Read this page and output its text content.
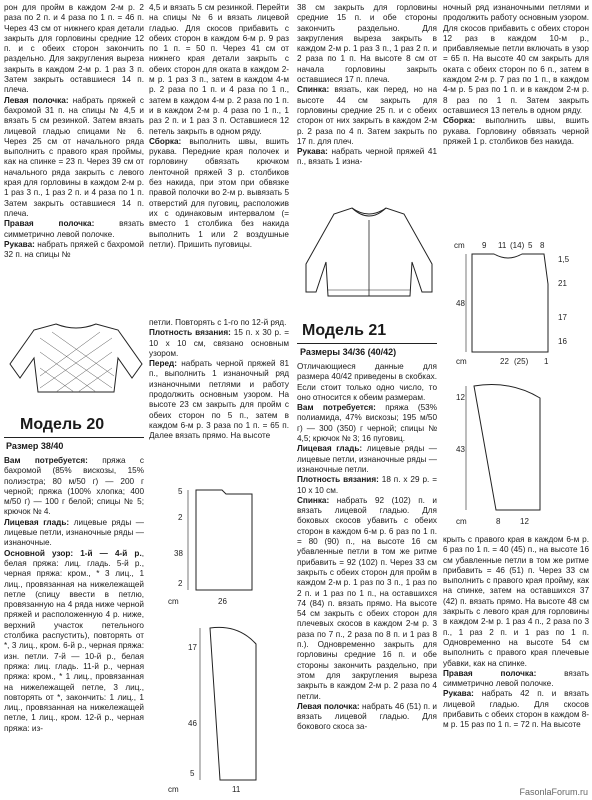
рон для пройм в каждом 2-м р. 2 раза по 2 п. и 4 раза по 1 п. = 46 п. Через 43 см от нижнего края детали закрыть для горловины средние 12 п. и с обеих сторон закончить раздельно. Для закругления выреза закрыть в каждом 2-м р. 1 раз 3 п. Затем закрыть оставшиеся 14 п. плеча.

Левая полочка: набрать пряжей с бахромой 31 п. на спицы № 4,5 и вязать 5 см резинкой. Затем вязать лицевой гладью спицами № 6. Через 25 см от начального ряда выполнить с правого края проймы, как на спинке = 23 п. Через 39 см от начального ряда закрыть с левого края для горловины в каждом 2-м р. 1 раз 3 п., 1 раз 2 п. и 4 раза по 1 п. Затем закрыть оставшиеся 14 п. плеча.

Правая полочка: вязать симметрично левой полочке.

Рукава: набрать пряжей с бахромой 32 п. на спицы №

4,5 и вязать 5 см резинкой. Перейти на спицы № 6 и вязать лицевой гладью. Для скосов прибавить с обеих сторон в каждом 6-м р. 9 раз по 1 п. = 50 п. Через 41 см от нижнего края детали закрыть с обеих сторон для оката в каждом 2-м р. 1 раз 3 п., затем в каждом 4-м р. 2 раза по 1 п. и 4 раза по 1 п., затем в каждом 4-м р. 2 раза по 1 п. и в каждом 2-м р. 4 раза по 1 п., 1 раз 2 п. и 1 раз 3 п. Оставшиеся 12 петель закрыть в одном ряду.

Сборка: выполнить швы, вшить рукава. Передние края полочек и горловину обвязать крючком ленточной пряжей 3 р. столбиков без накида, при этом при обвязке правой полочки во 2-м р. вывязать 5 отверстий для пуговиц, расположив их с одинаковым интервалом (= вместо 1 столбика без накида выполнить 1 или 2 воздушные петли). Пришить пуговицы.

38 см закрыть для горловины средние 15 п. и обе стороны закончить раздельно. Для закругления выреза закрыть в каждом 2-м р. 1 раз 3 п., 1 раз 2 п. и 2 раза по 1 п. На высоте 8 см от начала горловины закрыть оставшиеся 17 п. плеча.

Спинка: вязать, как перед, но на высоте 44 см закрыть для горловины средние 25 п. и с обеих сторон от них закрыть в каждом 2-м р. 2 раза по 4 п. Затем закрыть по 17 п. для плеч.

Рукава: набрать черной пряжей 41 п., вязать 1 изна-

ночный ряд изнаночными петлями и продолжить работу основным узором. Для скосов прибавить с обеих сторон 12 раз в каждом 10-м р., прибавляемые петли включать в узор = 65 п. На высоте 40 см закрыть для оката с обеих сторон по 6 п., затем в каждом 2-м р. 7 раз по 1 п., в каждом 4-м р. 5 раз по 1 п. и в каждом 2-м р. 8 раз по 1 п. Затем закрыть оставшиеся 13 петель в одном ряду.

Сборка: выполнить швы, вшить рукава. Горловину обвязать черной пряжей 1 р. столбиков без накида.

cm 9 11 (14) 5 8
1,5
21
48
17
16
cm	22 (25) 1
12
43
cm	8 12
Модель 20
Размер 38/40

Вам потребуется: пряжа с бахромой (85% вискозы, 15% полиэстра; 80 м/50 г) — 200 г черной; пряжа (100% хлопка; 400 м/50 г) — 100 г белой; спицы № 5; крючок № 4.

Лицевая гладь: лицевые ряды — лицевые петли, изнаночные ряды — изнаночные.

Основной узор: 1-й — 4-й р., белая пряжа: лиц. гладь. 5-й р., черная пряжа: кром., * 3 лиц., 1 лиц., провязанная на нижележащей петле (спицу ввести в петлю, провязанную на 4 ряда ниже черной пряжей и расположенную 4 р. ниже, верхний участок петельного столбика распустить), повторять от *, 3 лиц., кром. 6-й р., черная пряжа: изн. петли. 7-й — 10-й р., белая пряжа: лиц. гладь. 11-й р., черная пряжа: кром., * 1 лиц., провязанная на нижележащей петле, 3 лиц., повторять от *, закончить: 1 лиц., 1 лиц., провязанная на нижележащей петле, 1 лиц., кром. 12-й р., черная пряжа: из-

петли. Повторять с 1-го по 12-й ряд.

Плотность вязания: 15 п. x 30 р. = 10 x 10 см, связано основным узором.

Перед: набрать черной пряжей 81 п., выполнить 1 изнаночный ряд изнаночными петлями и работу продолжить основным узором. На высоте 23 см закрыть для пройм с обеих сторон по 5 п., затем в каждом 6-м р. 3 раза по 1 п. = 65 п. Далее вязать прямо. На высоте

5
2
38
2
cm	26
17
46
5
cm	11
Модель 21
Размеры 34/36 (40/42)

Отличающиеся данные для размера 40/42 приведены в скобках. Если стоит только одно число, то оно относится к обеим размерам.

Вам потребуется: пряжа (53% полиамида, 47% вискозы; 195 м/50 г) — 300 (350) г черной; спицы № 4,5; крючок № 3; 16 пуговиц.

Лицевая гладь: лицевые ряды — лицевые петли, изнаночные ряды — изнаночные петли.

Плотность вязания: 18 п. x 29 р. = 10 x 10 см.

Спинка: набрать 92 (102) п. и вязать лицевой гладью. Для боковых скосов убавить с обеих сторон в каждом 6-м р. 6 раз по 1 п. = 80 (90) п., на высоте 16 см убавленные петли в том же ритме прибавить = 92 (102) п. Через 33 см закрыть с обеих сторон для пройм в каждом 2-м р. 1 раз по 3 п., 1 раз по 2 п. и 1 раз по 1 п., на оставшихся 74 (84) п. вязать прямо. На высоте 54 см закрыть с обеих сторон для плечевых скосов в каждом 2-м р. 3 раза по 7 п., 2 раза по 8 п. и 1 раз 8 п.). Одновременно закрыть для горловины средние 16 п. и обе стороны закончить раздельно, при этом для закругления выреза закрыть в каждом 2-м р. 2 раза по 4 петли.

Левая полочка: набрать 46 (51) п. и вязать лицевой гладью. Для бокового скоса за-

крыть с правого края в каждом 6-м р. 6 раз по 1 п. = 40 (45) п., на высоте 16 см убавленные петли в том же ритме прибавить = 46 (51) п. Через 33 см выполнить с правого края пройму, как на спинке, затем на оставшихся 37 (42) п. вязать прямо. На высоте 48 см закрыть с левого края для горловины в каждом 2-м р. 1 раз 4 п., 2 раза по 3 п., 1 раз 2 п. и 1 раз по 1 п. Одновременно на высоте 54 см выполнить с правого края плечевые убавки, как на спинке.

Правая полочка: вязать симметрично левой полочке.

Рукава: набрать 42 п. и вязать лицевой гладью. Для скосов прибавить с обеих сторон в каждом 8-м р. 15 раз по 1 п. = 72 п. На высоте

FasonlaForum.ru
